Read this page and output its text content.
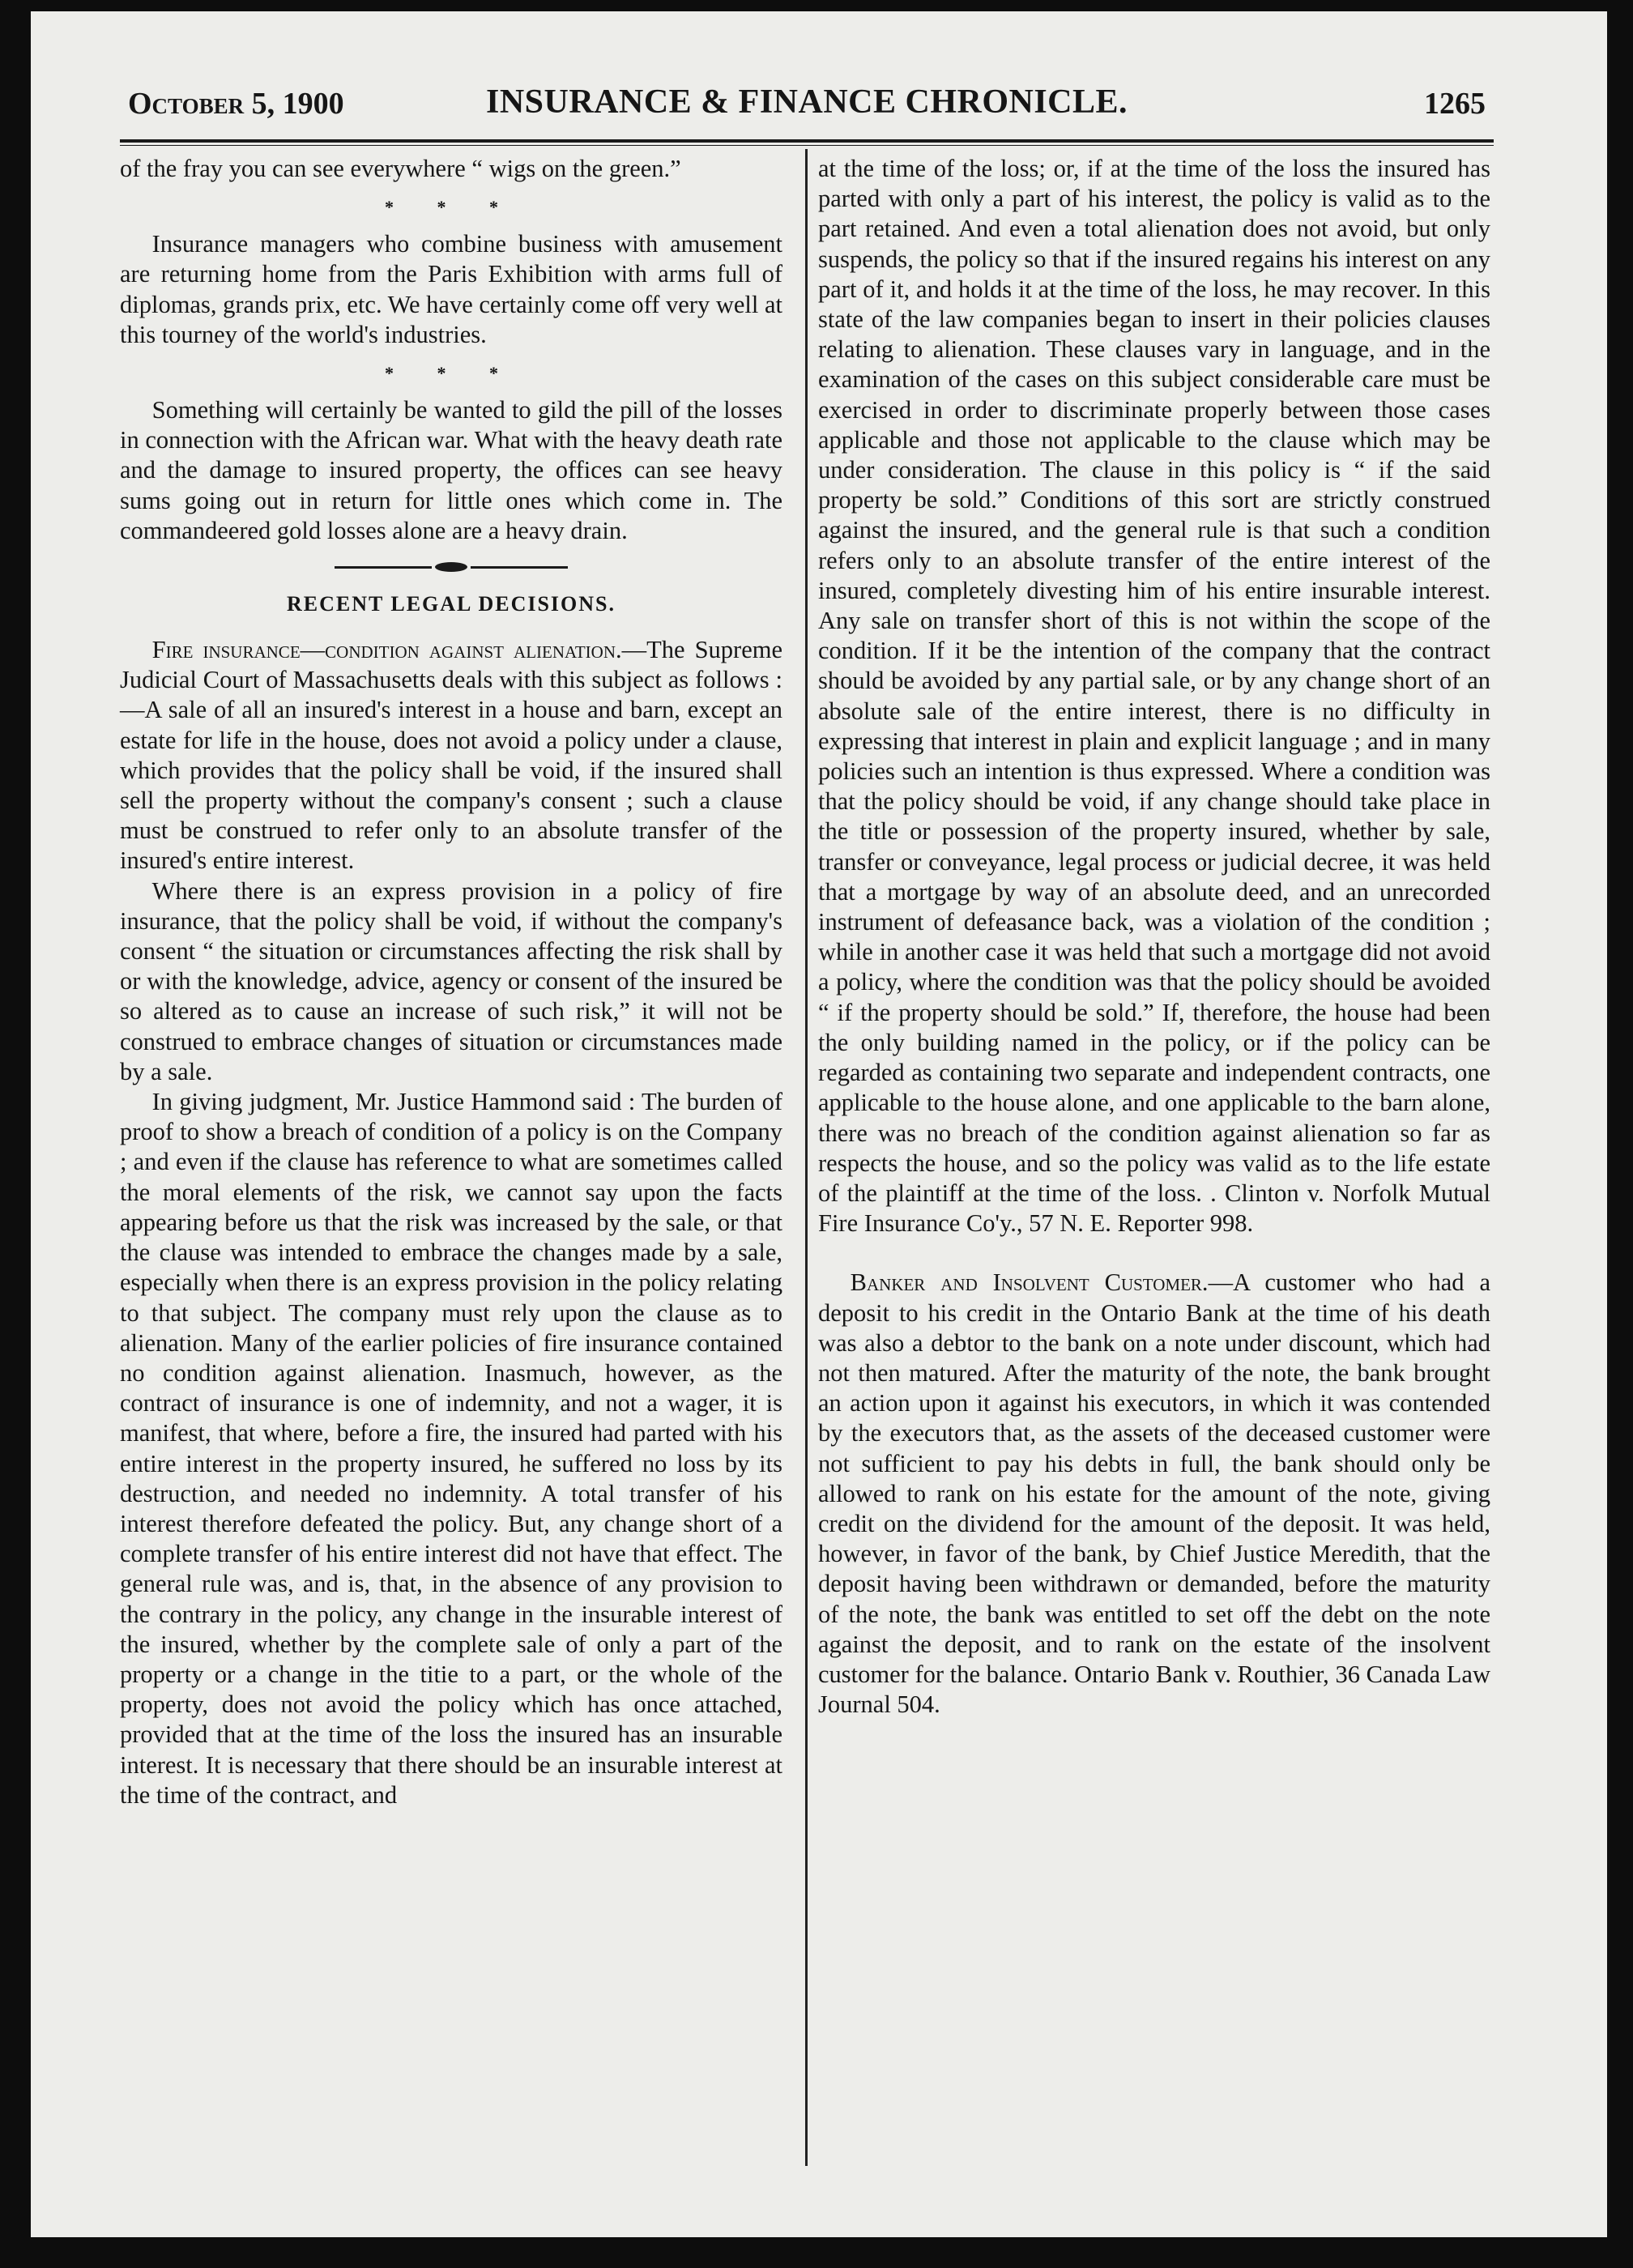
October 5, 1900	INSURANCE & FINANCE CHRONICLE.	1265

of the fray you can see everywhere “ wigs on the green.”

* * *

Insurance managers who combine business with amusement are returning home from the Paris Exhibition with arms full of diplomas, grands prix, etc. We have certainly come off very well at this tourney of the world's industries.

* * *

Something will certainly be wanted to gild the pill of the losses in connection with the African war. What with the heavy death rate and the damage to insured property, the offices can see heavy sums going out in return for little ones which come in. The commandeered gold losses alone are a heavy drain.

RECENT LEGAL DECISIONS.

Fire insurance—condition against alienation.—The Supreme Judicial Court of Massachusetts deals with this subject as follows :—A sale of all an insured's interest in a house and barn, except an estate for life in the house, does not avoid a policy under a clause, which provides that the policy shall be void, if the insured shall sell the property without the company's consent ; such a clause must be construed to refer only to an absolute transfer of the insured's entire interest.

Where there is an express provision in a policy of fire insurance, that the policy shall be void, if without the company's consent “ the situation or circumstances affecting the risk shall by or with the knowledge, advice, agency or consent of the insured be so altered as to cause an increase of such risk,” it will not be construed to embrace changes of situation or circumstances made by a sale.

In giving judgment, Mr. Justice Hammond said : The burden of proof to show a breach of condition of a policy is on the Company ; and even if the clause has reference to what are sometimes called the moral elements of the risk, we cannot say upon the facts appearing before us that the risk was increased by the sale, or that the clause was intended to embrace the changes made by a sale, especially when there is an express provision in the policy relating to that subject. The company must rely upon the clause as to alienation. Many of the earlier policies of fire insurance contained no condition against alienation. Inasmuch, however, as the contract of insurance is one of indemnity, and not a wager, it is manifest, that where, before a fire, the insured had parted with his entire interest in the property insured, he suffered no loss by its destruction, and needed no indemnity. A total transfer of his interest therefore defeated the policy. But, any change short of a complete transfer of his entire interest did not have that effect. The general rule was, and is, that, in the absence of any provision to the contrary in the policy, any change in the insurable interest of the insured, whether by the complete sale of only a part of the property or a change in the titie to a part, or the whole of the property, does not avoid the policy which has once attached, provided that at the time of the loss the insured has an insurable interest. It is necessary that there should be an insurable interest at the time of the contract, and

at the time of the loss; or, if at the time of the loss the insured has parted with only a part of his interest, the policy is valid as to the part retained. And even a total alienation does not avoid, but only suspends, the policy so that if the insured regains his interest on any part of it, and holds it at the time of the loss, he may recover. In this state of the law companies began to insert in their policies clauses relating to alienation. These clauses vary in language, and in the examination of the cases on this subject considerable care must be exercised in order to discriminate properly between those cases applicable and those not applicable to the clause which may be under consideration. The clause in this policy is “ if the said property be sold.” Conditions of this sort are strictly construed against the insured, and the general rule is that such a condition refers only to an absolute transfer of the entire interest of the insured, completely divesting him of his entire insurable interest. Any sale on transfer short of this is not within the scope of the condition. If it be the intention of the company that the contract should be avoided by any partial sale, or by any change short of an absolute sale of the entire interest, there is no difficulty in expressing that interest in plain and explicit language ; and in many policies such an intention is thus expressed. Where a condition was that the policy should be void, if any change should take place in the title or possession of the property insured, whether by sale, transfer or conveyance, legal process or judicial decree, it was held that a mortgage by way of an absolute deed, and an unrecorded instrument of defeasance back, was a violation of the condition ; while in another case it was held that such a mortgage did not avoid a policy, where the condition was that the policy should be avoided “ if the property should be sold.” If, therefore, the house had been the only building named in the policy, or if the policy can be regarded as containing two separate and independent contracts, one applicable to the house alone, and one applicable to the barn alone, there was no breach of the condition against alienation so far as respects the house, and so the policy was valid as to the life estate of the plaintiff at the time of the loss. . Clinton v. Norfolk Mutual Fire Insurance Co'y., 57 N. E. Reporter 998.

Banker and Insolvent Customer.—A customer who had a deposit to his credit in the Ontario Bank at the time of his death was also a debtor to the bank on a note under discount, which had not then matured. After the maturity of the note, the bank brought an action upon it against his executors, in which it was contended by the executors that, as the assets of the deceased customer were not sufficient to pay his debts in full, the bank should only be allowed to rank on his estate for the amount of the note, giving credit on the dividend for the amount of the deposit. It was held, however, in favor of the bank, by Chief Justice Meredith, that the deposit having been withdrawn or demanded, before the maturity of the note, the bank was entitled to set off the debt on the note against the deposit, and to rank on the estate of the insolvent customer for the balance. Ontario Bank v. Routhier, 36 Canada Law Journal 504.
